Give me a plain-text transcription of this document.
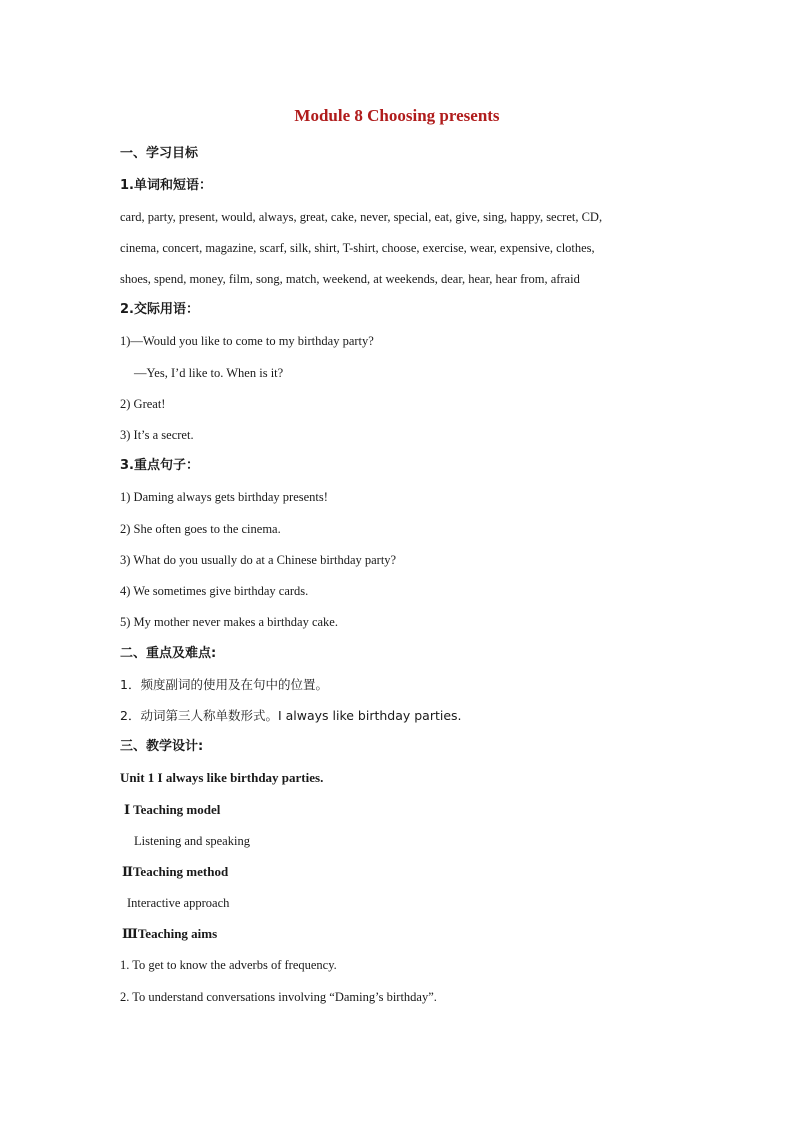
Module 8 Choosing presents
一、学习目标
1.单词和短语：
card, party, present, would, always, great, cake, never, special, eat, give, sing, happy, secret, CD,
cinema, concert, magazine, scarf, silk, shirt, T-shirt, choose, exercise, wear, expensive, clothes,
shoes, spend, money, film, song, match, weekend, at weekends, dear, hear, hear from, afraid
2.交际用语：
1)—Would you like to come to my birthday party?
—Yes, I’d like to. When is it?
2) Great!
3) It’s a secret.
3.重点句子：
1) Daming always gets birthday presents!
2) She often goes to the cinema.
3) What do you usually do at a Chinese birthday party?
4) We sometimes give birthday cards.
5) My mother never makes a birthday cake.
二、重点及难点:
1．频度副词的使用及在句中的位置。
2．动词第三人称单数形式。I always like birthday parties.
三、教学设计:
Unit 1 I always like birthday parties.
Ⅰ Teaching model
Listening and speaking
ⅡTeaching method
Interactive approach
ⅢTeaching aims
1. To get to know the adverbs of frequency.
2. To understand conversations involving “Daming’s birthday”.
